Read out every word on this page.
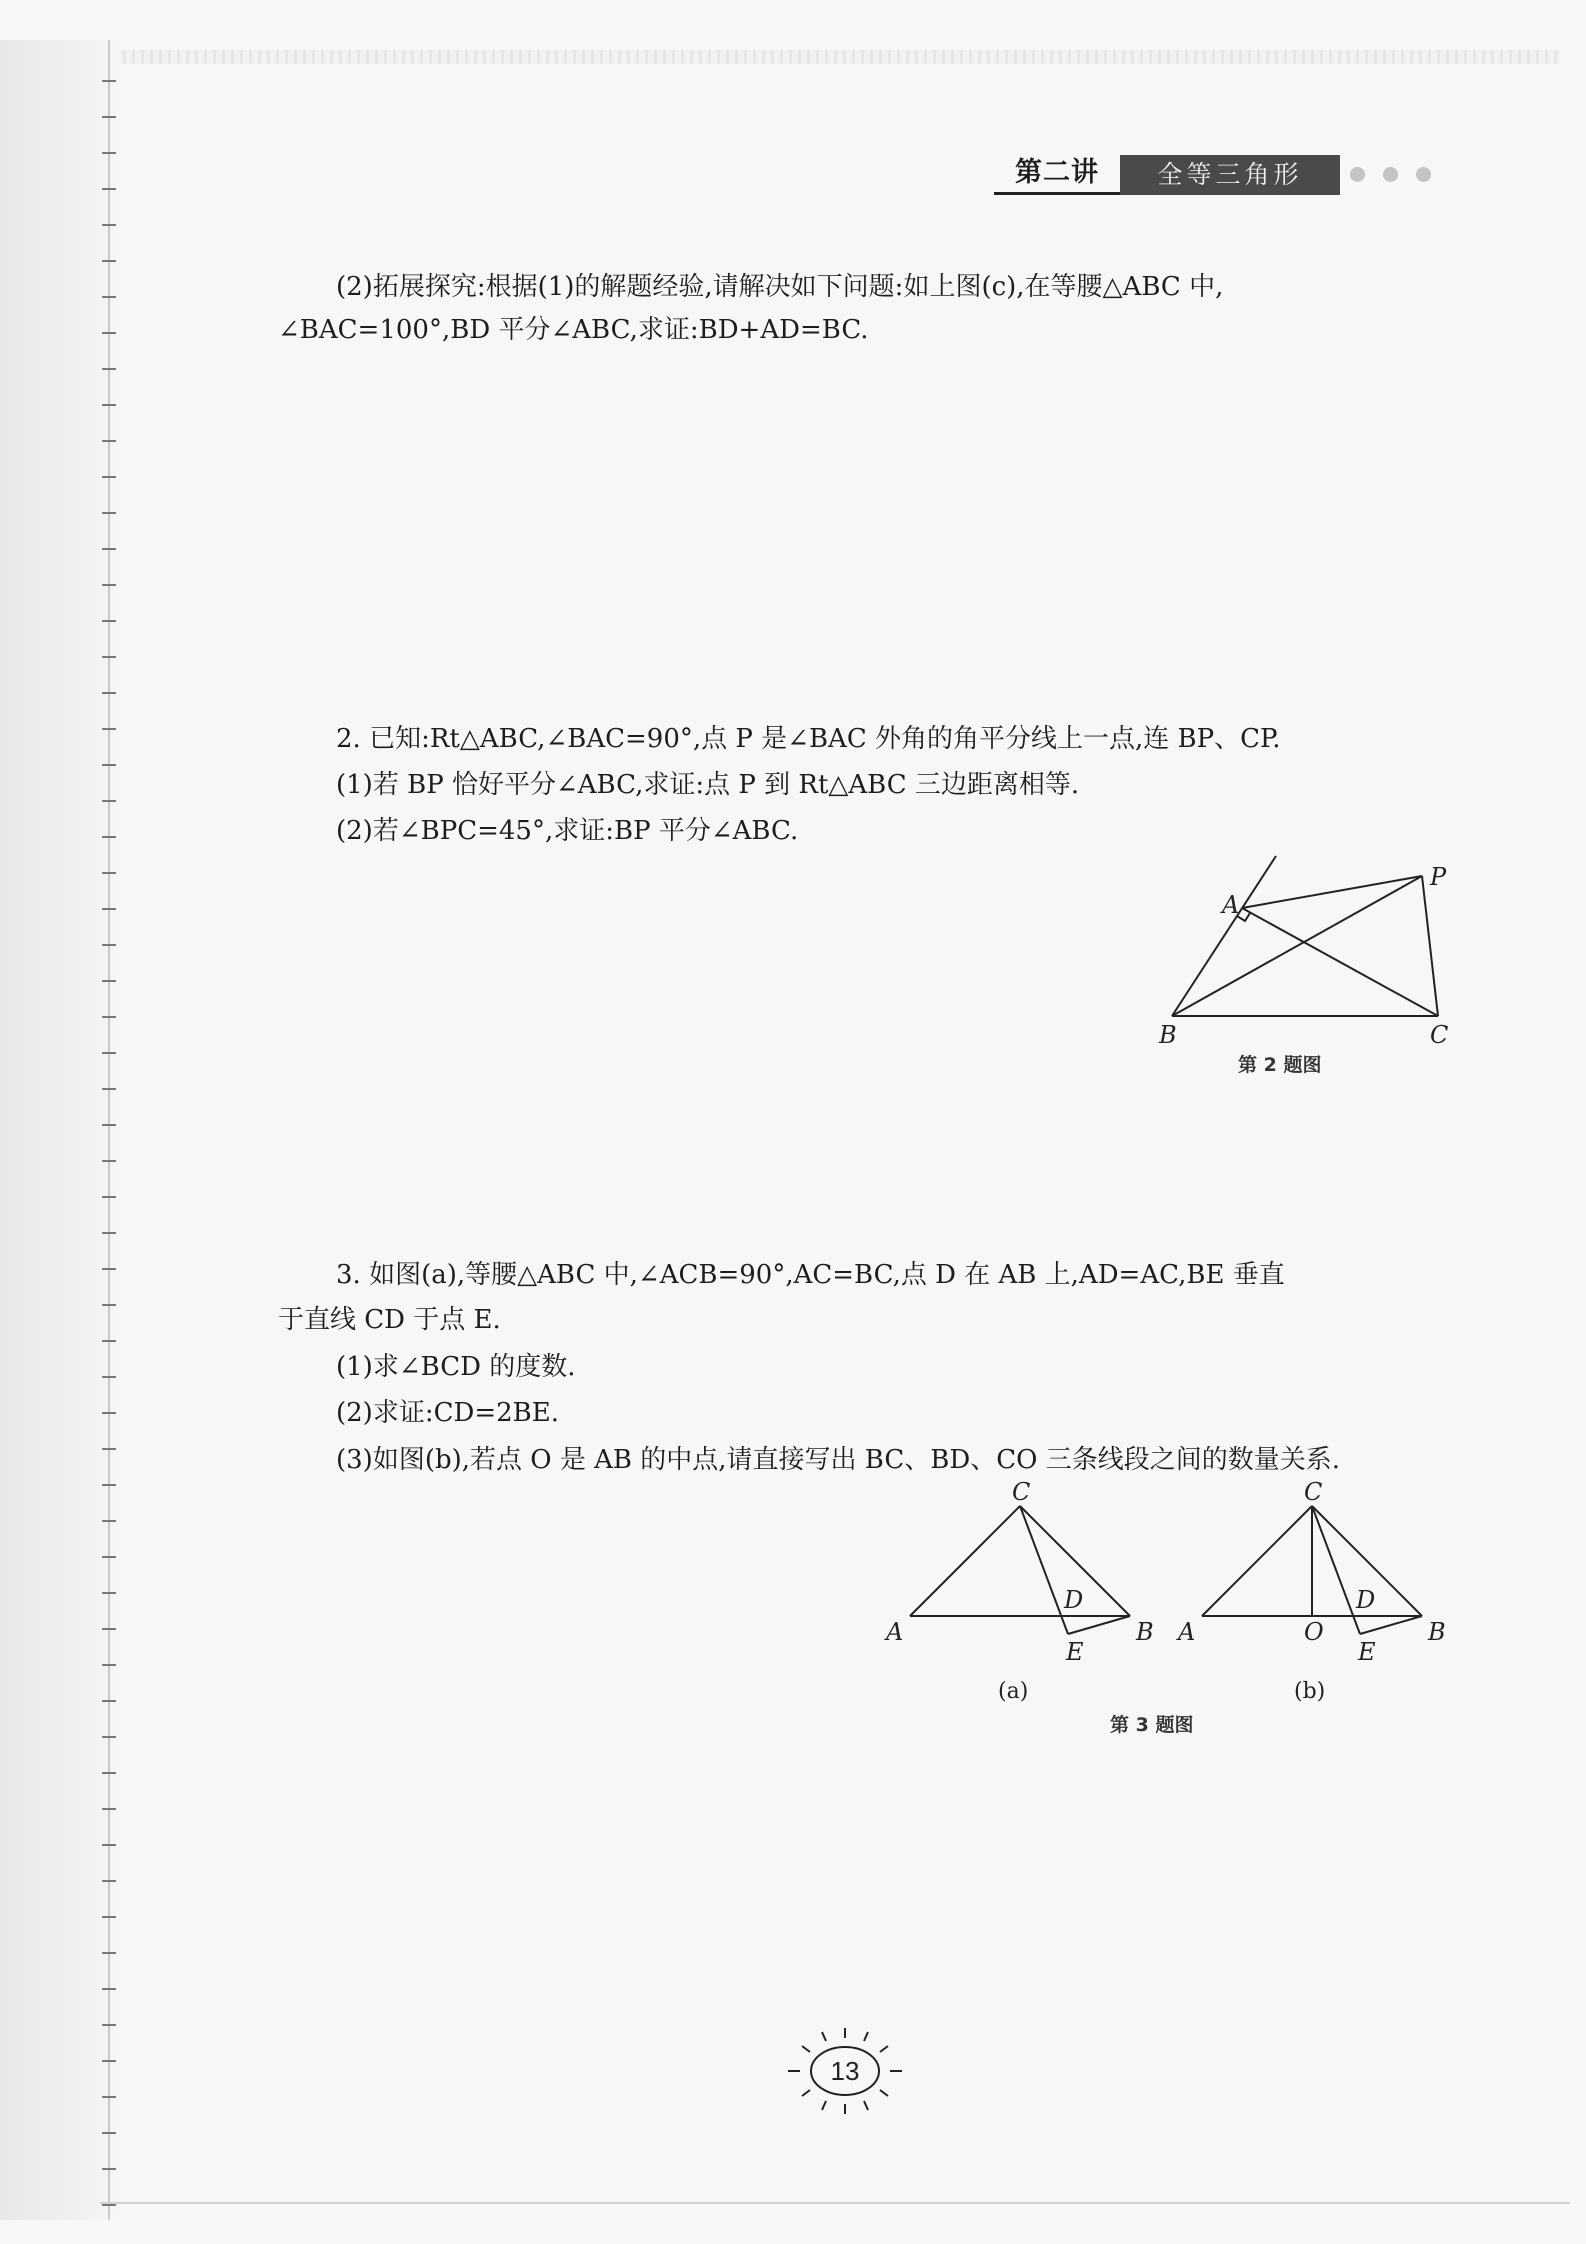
第二讲	全等三角形
(2)拓展探究:根据(1)的解题经验,请解决如下问题:如上图(c),在等腰△ABC 中,
∠BAC=100°,BD 平分∠ABC,求证:BD+AD=BC.
2. 已知:Rt△ABC,∠BAC=90°,点 P 是∠BAC 外角的角平分线上一点,连 BP、CP.
(1)若 BP 恰好平分∠ABC,求证:点 P 到 Rt△ABC 三边距离相等.
(2)若∠BPC=45°,求证:BP 平分∠ABC.
A
B	C
P
第 2 题图
3. 如图(a),等腰△ABC 中,∠ACB=90°,AC=BC,点 D 在 AB 上,AD=AC,BE 垂直
于直线 CD 于点 E.
(1)求∠BCD 的度数.
(2)求证:CD=2BE.
(3)如图(b),若点 O 是 AB 的中点,请直接写出 BC、BD、CO 三条线段之间的数量关系.
C
A	B
D
E
(a)
C
A	B
D
E
O
(b)
第 3 题图
13
